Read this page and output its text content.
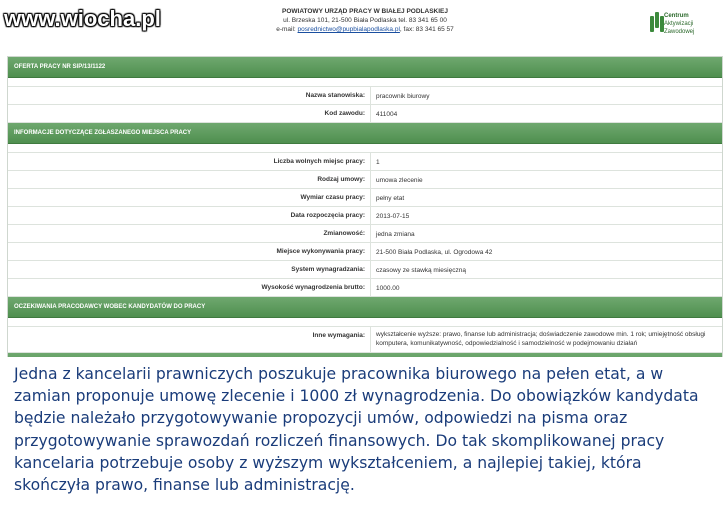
POWIATOWY URZĄD PRACY W BIAŁEJ PODLASKIEJ
ul. Brzeska 101, 21-500 Biała Podlaska tel. 83 341 65 00
e-mail: posrednictwo@pupbialapodlaska.pl, fax: 83 341 65 57
Centrum
Aktywizacji Zawodowej
www.wiocha.pl
OFERTA PRACY NR SIP/13/1122
Nazwa stanowiska: pracownik biurowy
Kod zawodu: 411004
INFORMACJE DOTYCZĄCE ZGŁASZANEGO MIEJSCA PRACY
Liczba wolnych miejsc pracy: 1
Rodzaj umowy: umowa zlecenie
Wymiar czasu pracy: pełny etat
Data rozpoczęcia pracy: 2013-07-15
Zmianowość: jedna zmiana
Miejsce wykonywania pracy: 21-500 Biała Podlaska, ul. Ogrodowa 42
System wynagradzania: czasowy ze stawką miesięczną
Wysokość wynagrodzenia brutto: 1000.00
OCZEKIWANIA PRACODAWCY WOBEC KANDYDATÓW DO PRACY
Inne wymagania: wykształcenie wyższe: prawo, finanse lub administracja; doświadczenie zawodowe min. 1 rok; umiejętność obsługi komputera, komunikatywność, odpowiedzialność i samodzielność w podejmowaniu działań
Jedna z kancelarii prawniczych poszukuje pracownika biurowego na pełen etat, a w zamian proponuje umowę zlecenie i 1000 zł wynagrodzenia. Do obowiązków kandydata będzie należało przygotowywanie propozycji umów, odpowiedzi na pisma oraz przygotowywanie sprawozdań rozliczeń finansowych. Do tak skomplikowanej pracy kancelaria potrzebuje osoby z wyższym wykształceniem, a najlepiej takiej, która skończyła prawo, finanse lub administrację.
